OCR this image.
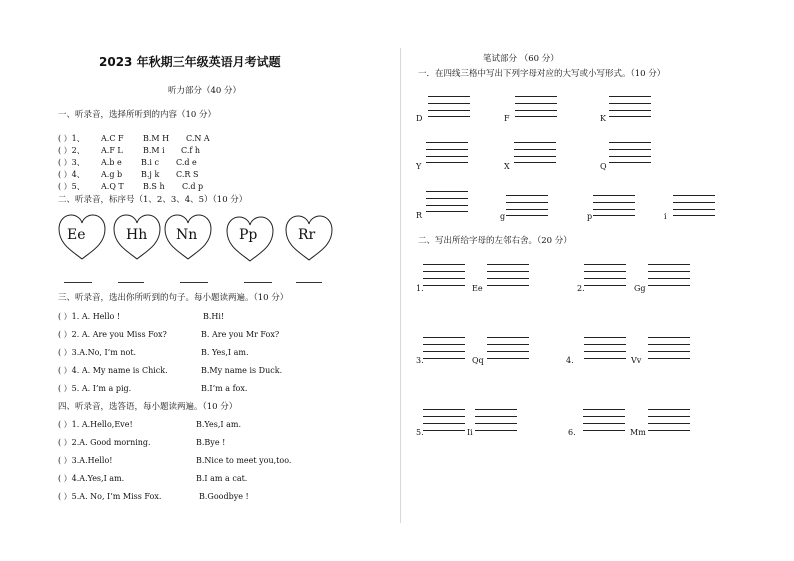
2023 年秋期三年级英语月考试题
听力部分（40 分）
一、听录音，选择所听到的内容（10 分）
( ）1、 A.C F B.M H C.N A
( ）2、 A.F L	B.M i C.f h
( ）3、 A.b e B.i c C.d e
( ）4、 A.g b B.j k C.R S
( ）5、 A.Q T B.S h C.d p
二、听录音，标序号（1、2、3、4、5）（10 分）
Ee	Hh Nn	Pp	Rr
三、听录音，选出你所听到的句子。每小题读两遍。（10 分）
( ）1. A. Hello !	B.Hi!
( ）2. A. Are you Miss Fox?	B. Are you Mr Fox?
( ）3.A.No, I’m not.	B. Yes,I am.
( ）4. A. My name is Chick.	B.My name is Duck.
( ）5. A. I’m a pig.	B.I’m a fox.
四、听录音，选答语，每小题读两遍。（10 分）
( ）1. A.Hello,Eve!	B.Yes,I am.
( ）2.A. Good morning.	B.Bye !
( ）3.A.Hello!	B.Nice to meet you,too.
( ）4.A.Yes,I am.	B.I am a cat.
( ）5.A. No, I’m Miss Fox.	B.Goodbye !
笔试部分 （60 分）
一．在四线三格中写出下列字母对应的大写或小写形式。（10 分）
D	F	K
Y	X	Q
R	g	p	i
二、写出所给字母的左邻右舍。（20 分）
1.	Ee	2.	Gg
3.	Qq	4.	Vv
5.	Ii	6.	Mm
